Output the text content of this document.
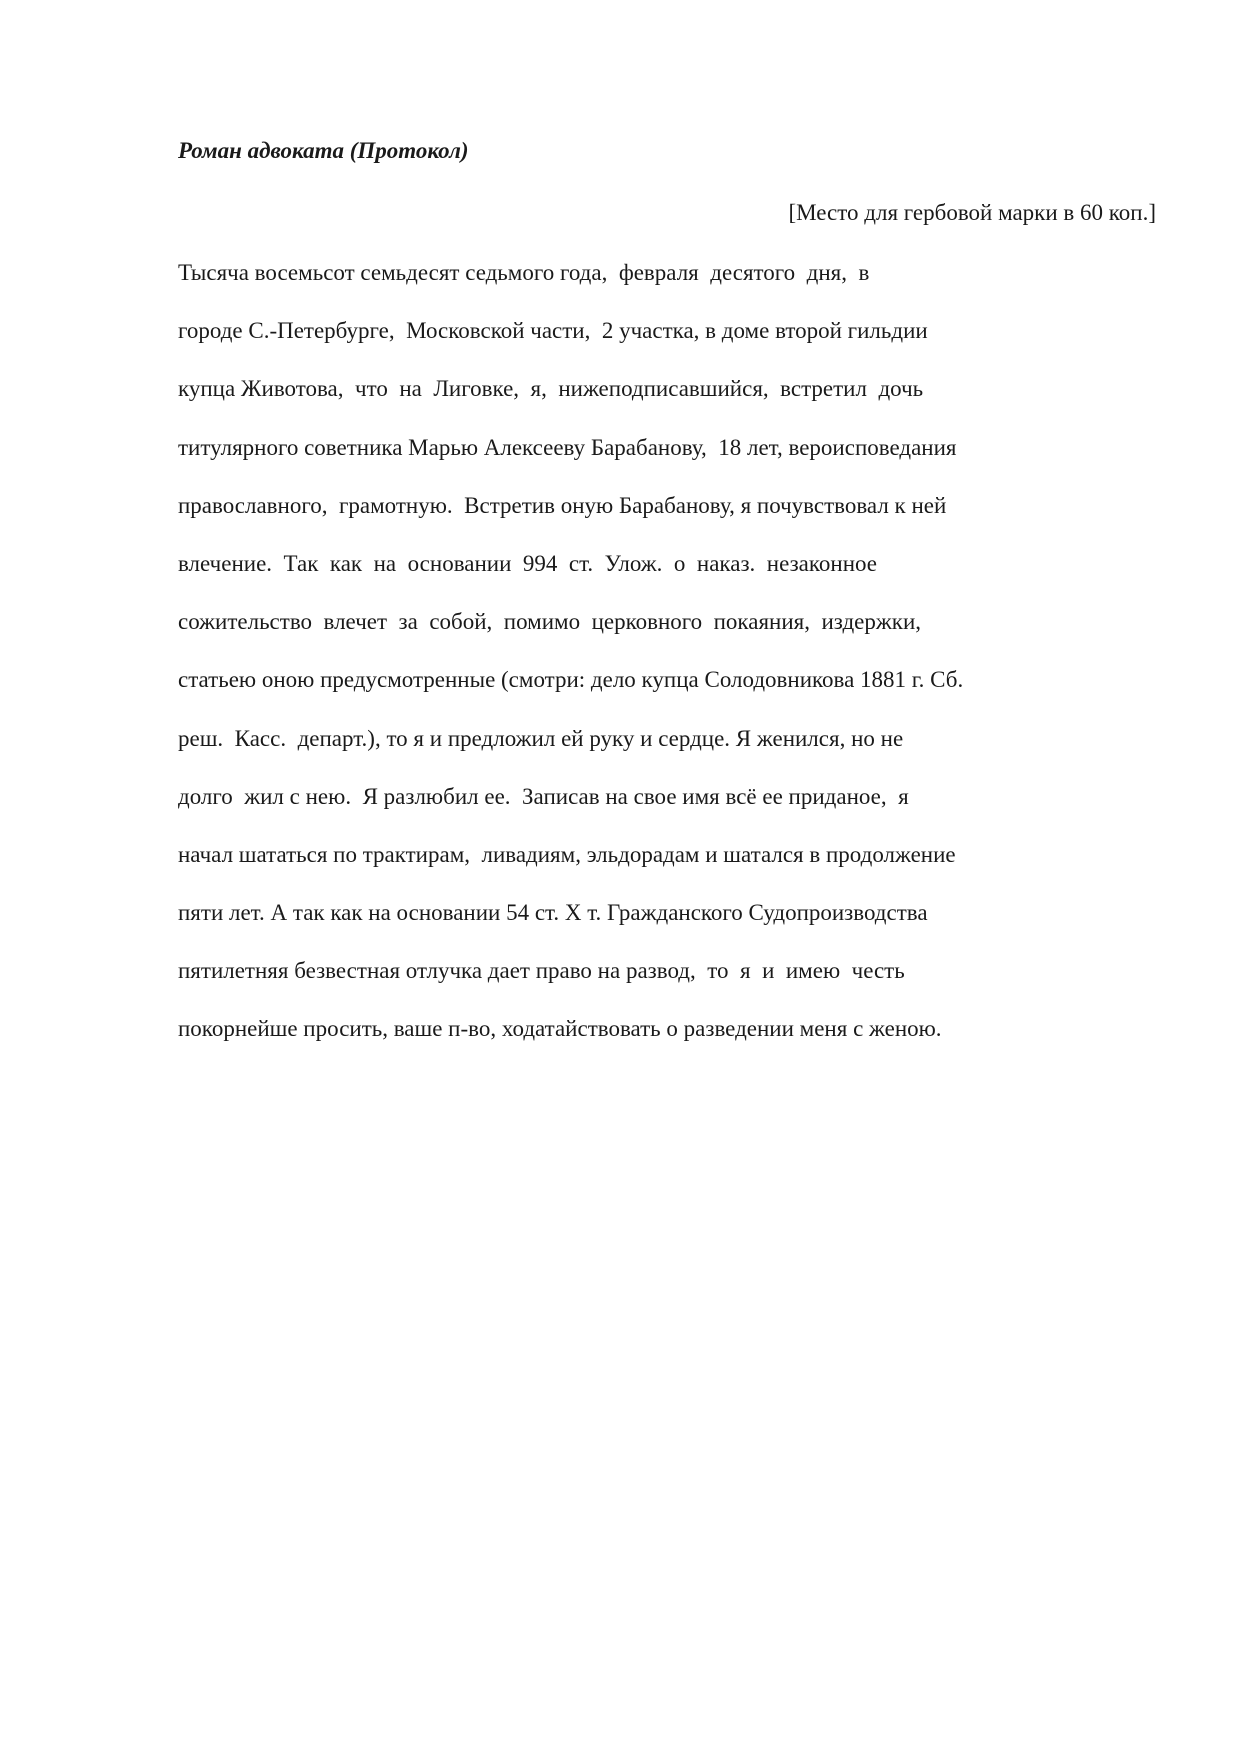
Роман адвоката (Протокол)
[Место для гербовой марки в 60 коп.]
Тысяча восемьсот семьдесят седьмого года,  февраля  десятого  дня,  в
городе С.-Петербурге,  Московской части,  2 участка, в доме второй гильдии
купца Животова,  что  на  Лиговке,  я,  нижеподписавшийся,  встретил  дочь
титулярного советника Марью Алексееву Барабанову,  18 лет, вероисповедания
православного,  грамотную.  Встретив оную Барабанову, я почувствовал к ней
влечение.  Так  как  на  основании  994  ст.  Улож.  о  наказ.  незаконное
сожительство  влечет  за  собой,  помимо  церковного  покаяния,  издержки,
статьею оною предусмотренные (смотри: дело купца Солодовникова 1881 г. Сб.
реш.  Касс.  департ.), то я и предложил ей руку и сердце. Я женился, но не
долго  жил с нею.  Я разлюбил ее.  Записав на свое имя всё ее приданое,  я
начал шататься по трактирам,  ливадиям, эльдорадам и шатался в продолжение
пяти лет. А так как на основании 54 ст. X т. Гражданского Судопроизводства
пятилетняя безвестная отлучка дает право на развод,  то  я  и  имею  честь
покорнейше просить, ваше п-во, ходатайствовать о разведении меня с женою.
